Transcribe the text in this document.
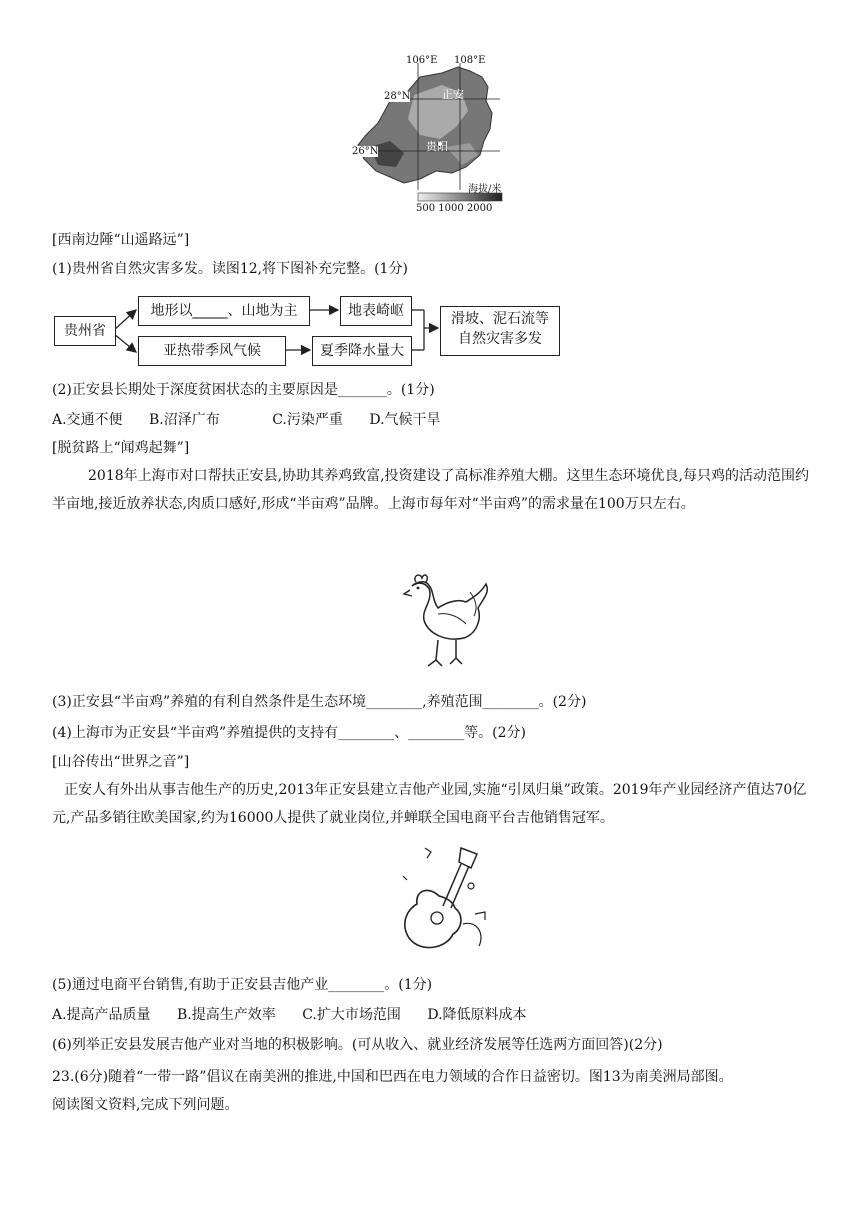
106°E 108°E
28°N
26°N
正安
贵阳
海拔/米
500 1000 2000
[西南边陲“山遥路远”]
(1)贵州省自然灾害多发。读图12,将下图补充完整。(1分)
贵州省
地形以_____、山地为主	地表崎岖
亚热带季风气候	夏季降水量大
滑坡、泥石流等
自然灾害多发
(2)正安县长期处于深度贫困状态的主要原因是_______。(1分)
A.交通不便 B.沼泽广布	C.污染严重 D.气候干旱
[脱贫路上“闻鸡起舞”]
2018年上海市对口帮扶正安县,协助其养鸡致富,投资建设了高标准养殖大棚。这里生态环境优良,每只鸡的活动范围约半亩地,接近放养状态,肉质口感好,形成“半亩鸡”品牌。上海市每年对“半亩鸡”的需求量在100万只左右。
(3)正安县“半亩鸡”养殖的有利自然条件是生态环境________,养殖范围________。(2分)
(4)上海市为正安县“半亩鸡”养殖提供的支持有________、________等。(2分)
[山谷传出“世界之音”]
正安人有外出从事吉他生产的历史,2013年正安县建立吉他产业园,实施“引凤归巢”政策。2019年产业园经济产值达70亿元,产品多销往欧美国家,约为16000人提供了就业岗位,并蝉联全国电商平台吉他销售冠军。
(5)通过电商平台销售,有助于正安县吉他产业________。(1分)
A.提高产品质量 B.提高生产效率 C.扩大市场范围 D.降低原料成本
(6)列举正安县发展吉他产业对当地的积极影响。(可从收入、就业经济发展等任选两方面回答)(2分)
23.(6分)随着“一带一路”倡议在南美洲的推进,中国和巴西在电力领域的合作日益密切。图13为南美洲局部图。
阅读图文资料,完成下列问题。
